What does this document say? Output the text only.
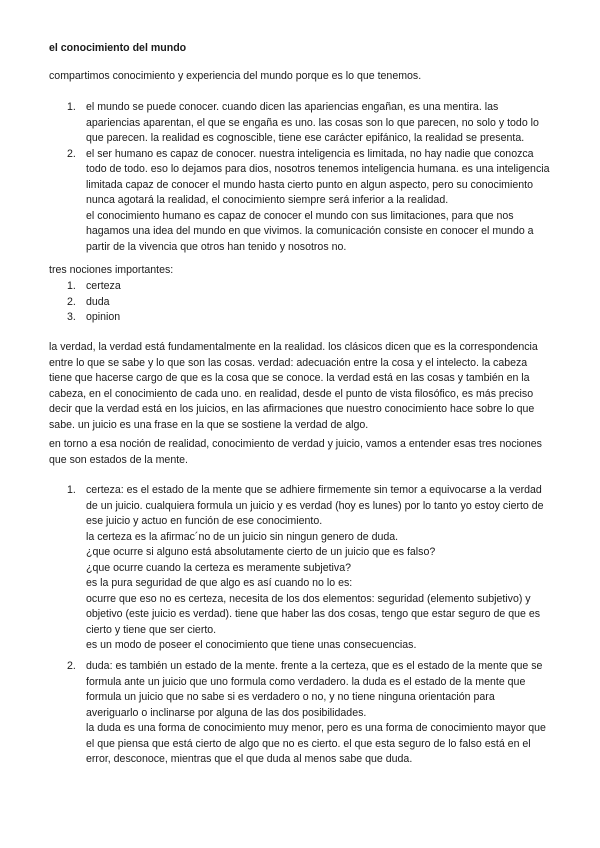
el conocimiento del mundo
compartimos conocimiento y experiencia del mundo porque es lo que tenemos.
1. el mundo se puede conocer. cuando dicen las apariencias engañan, es una mentira. las
apariencias aparentan, el que se engaña es uno. las cosas son lo que parecen, no solo y todo lo
que parecen. la realidad es cognoscible, tiene ese carácter epifánico, la realidad se presenta.
2. el ser humano es capaz de conocer. nuestra inteligencia es limitada, no hay nadie que conozca
todo de todo. eso lo dejamos para dios, nosotros tenemos inteligencia humana. es una inteligencia
limitada capaz de conocer el mundo hasta cierto punto en algun aspecto, pero su conocimiento
nunca agotará la realidad, el conocimiento siempre será inferior a la realidad.
el conocimiento humano es capaz de conocer el mundo con sus limitaciones, para que nos
hagamos una idea del mundo en que vivimos. la comunicación consiste en conocer el mundo a
partir de la vivencia que otros han tenido y nosotros no.
tres nociones importantes:
1. certeza
2. duda
3. opinion
la verdad, la verdad está fundamentalmente en la realidad. los clásicos dicen que es la correspondencia
entre lo que se sabe y lo que son las cosas. verdad: adecuación entre la cosa y el intelecto. la cabeza
tiene que hacerse cargo de que es la cosa que se conoce. la verdad está en las cosas y también en la
cabeza, en el conocimiento de cada uno. en realidad, desde el punto de vista filosófico, es más preciso
decir que la verdad está en los juicios, en las afirmaciones que nuestro conocimiento hace sobre lo que
sabe. un juicio es una frase en la que se sostiene la verdad de algo.
en torno a esa noción de realidad, conocimiento de verdad y juicio, vamos a entender esas tres nociones
que son estados de la mente.
1. certeza: es el estado de la mente que se adhiere firmemente sin temor a equivocarse a la verdad
de un juicio. cualquiera formula un juicio y es verdad (hoy es lunes) por lo tanto yo estoy cierto de
ese juicio y actuo en función de ese conocimiento.
la certeza es la afirmac´no de un juicio sin ningun genero de duda.
¿que ocurre si alguno está absolutamente cierto de un juicio que es falso?
¿que ocurre cuando la certeza es meramente subjetiva?
es la pura seguridad de que algo es así cuando no lo es:
ocurre que eso no es certeza, necesita de los dos elementos: seguridad (elemento subjetivo) y
objetivo (este juicio es verdad). tiene que haber las dos cosas, tengo que estar seguro de que es
cierto y tiene que ser cierto.
es un modo de poseer el conocimiento que tiene unas consecuencias.
2. duda: es también un estado de la mente. frente a la certeza, que es el estado de la mente que se
formula ante un juicio que uno formula como verdadero. la duda es el estado de la mente que
formula un juicio que no sabe si es verdadero o no, y no tiene ninguna orientación para
averiguarlo o inclinarse por alguna de las dos posibilidades.
la duda es una forma de conocimiento muy menor, pero es una forma de conocimiento mayor que
el que piensa que está cierto de algo que no es cierto. el que esta seguro de lo falso está en el
error, desconoce, mientras que el que duda al menos sabe que duda.
